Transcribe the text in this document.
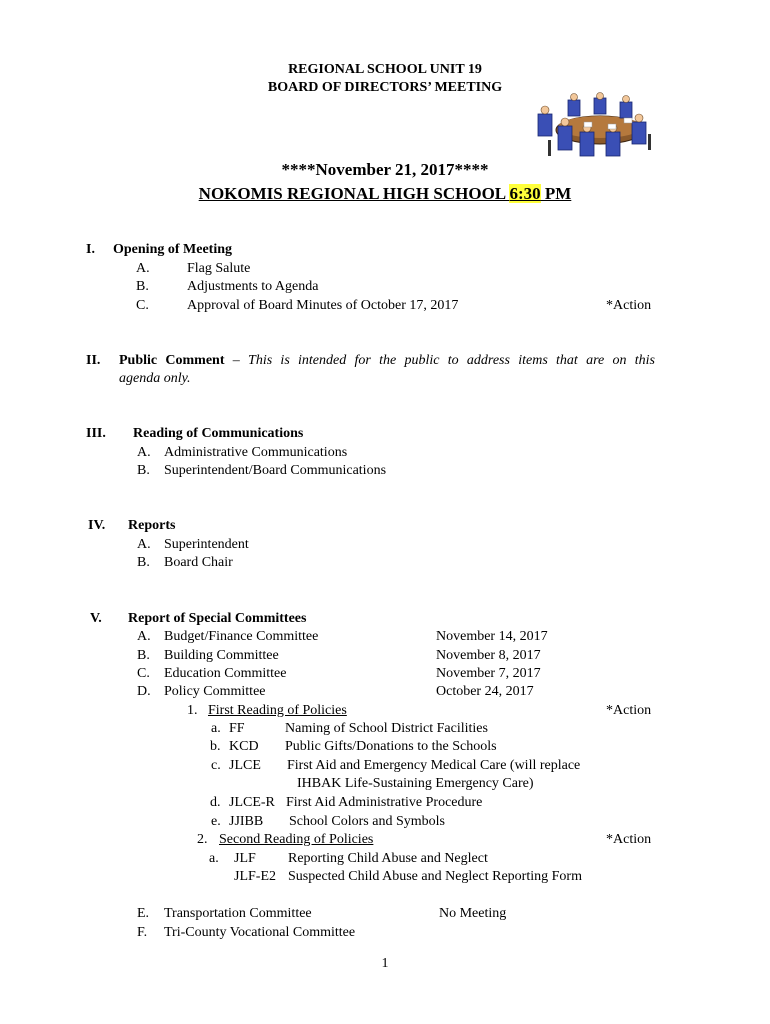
REGIONAL SCHOOL UNIT 19
BOARD OF DIRECTORS’ MEETING
****November 21, 2017****
NOKOMIS REGIONAL HIGH SCHOOL 6:30 PM
I. Opening of Meeting
A.	Flag Salute
B.	Adjustments to Agenda
C.	Approval of Board Minutes of October 17, 2017	*Action
II. Public Comment – This is intended for the public to address items that are on this
agenda only.
III. Reading of Communications
A. Administrative Communications
B. Superintendent/Board Communications
IV. Reports
A. Superintendent
B. Board Chair
V. Report of Special Committees
A. Budget/Finance Committee	November 14, 2017
B. Building Committee	November 8, 2017
C. Education Committee	November 7, 2017
D. Policy Committee	October 24, 2017
1. First Reading of Policies	*Action
a. FF	Naming of School District Facilities
b. KCD Public Gifts/Donations to the Schools
c. JLCE First Aid and Emergency Medical Care (will replace
IHBAK Life-Sustaining Emergency Care)
d. JLCE-R First Aid Administrative Procedure
e. JJIBB School Colors and Symbols
2. Second Reading of Policies	*Action
a. JLF Reporting Child Abuse and Neglect
JLF-E2 Suspected Child Abuse and Neglect Reporting Form
E. Transportation Committee	No Meeting
F. Tri-County Vocational Committee
1
